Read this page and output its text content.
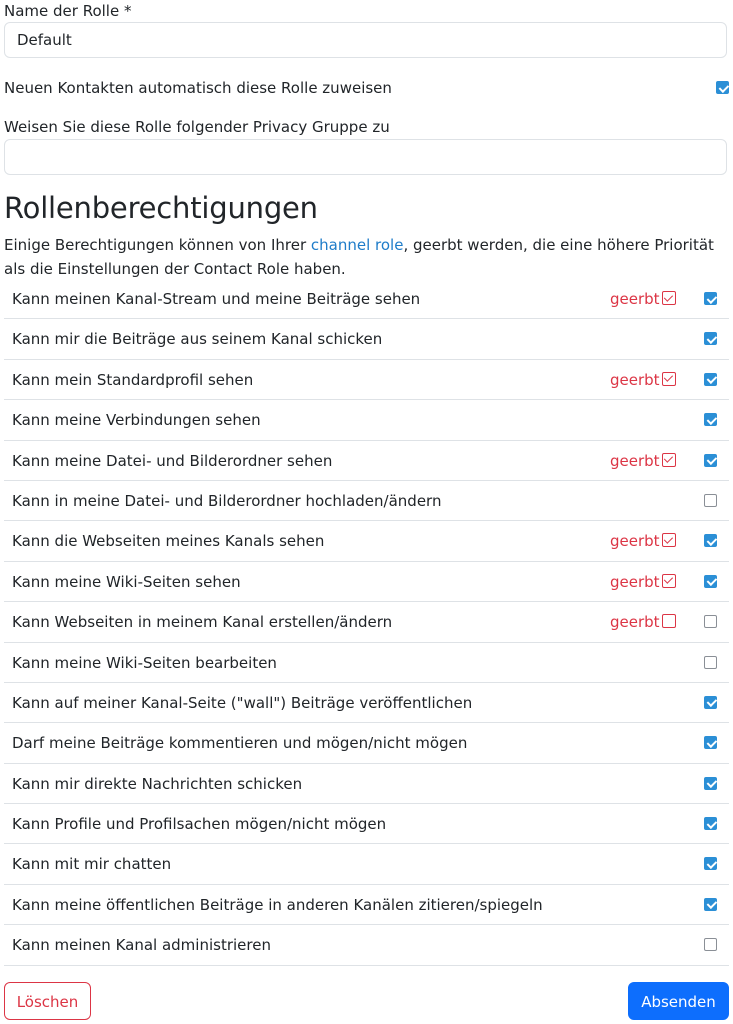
Name der Rolle *
Default
Neuen Kontakten automatisch diese Rolle zuweisen
Weisen Sie diese Rolle folgender Privacy Gruppe zu
Rollenberechtigungen
Einige Berechtigungen können von Ihrer channel role, geerbt werden, die eine höhere Priorität als die Einstellungen der Contact Role haben.
Kann meinen Kanal-Stream und meine Beiträge sehen	geerbt
Kann mir die Beiträge aus seinem Kanal schicken
Kann mein Standardprofil sehen	geerbt
Kann meine Verbindungen sehen
Kann meine Datei- und Bilderordner sehen	geerbt
Kann in meine Datei- und Bilderordner hochladen/ändern
Kann die Webseiten meines Kanals sehen	geerbt
Kann meine Wiki-Seiten sehen	geerbt
Kann Webseiten in meinem Kanal erstellen/ändern	geerbt
Kann meine Wiki-Seiten bearbeiten
Kann auf meiner Kanal-Seite ("wall") Beiträge veröffentlichen
Darf meine Beiträge kommentieren und mögen/nicht mögen
Kann mir direkte Nachrichten schicken
Kann Profile und Profilsachen mögen/nicht mögen
Kann mit mir chatten
Kann meine öffentlichen Beiträge in anderen Kanälen zitieren/spiegeln
Kann meinen Kanal administrieren
Löschen	Absenden
